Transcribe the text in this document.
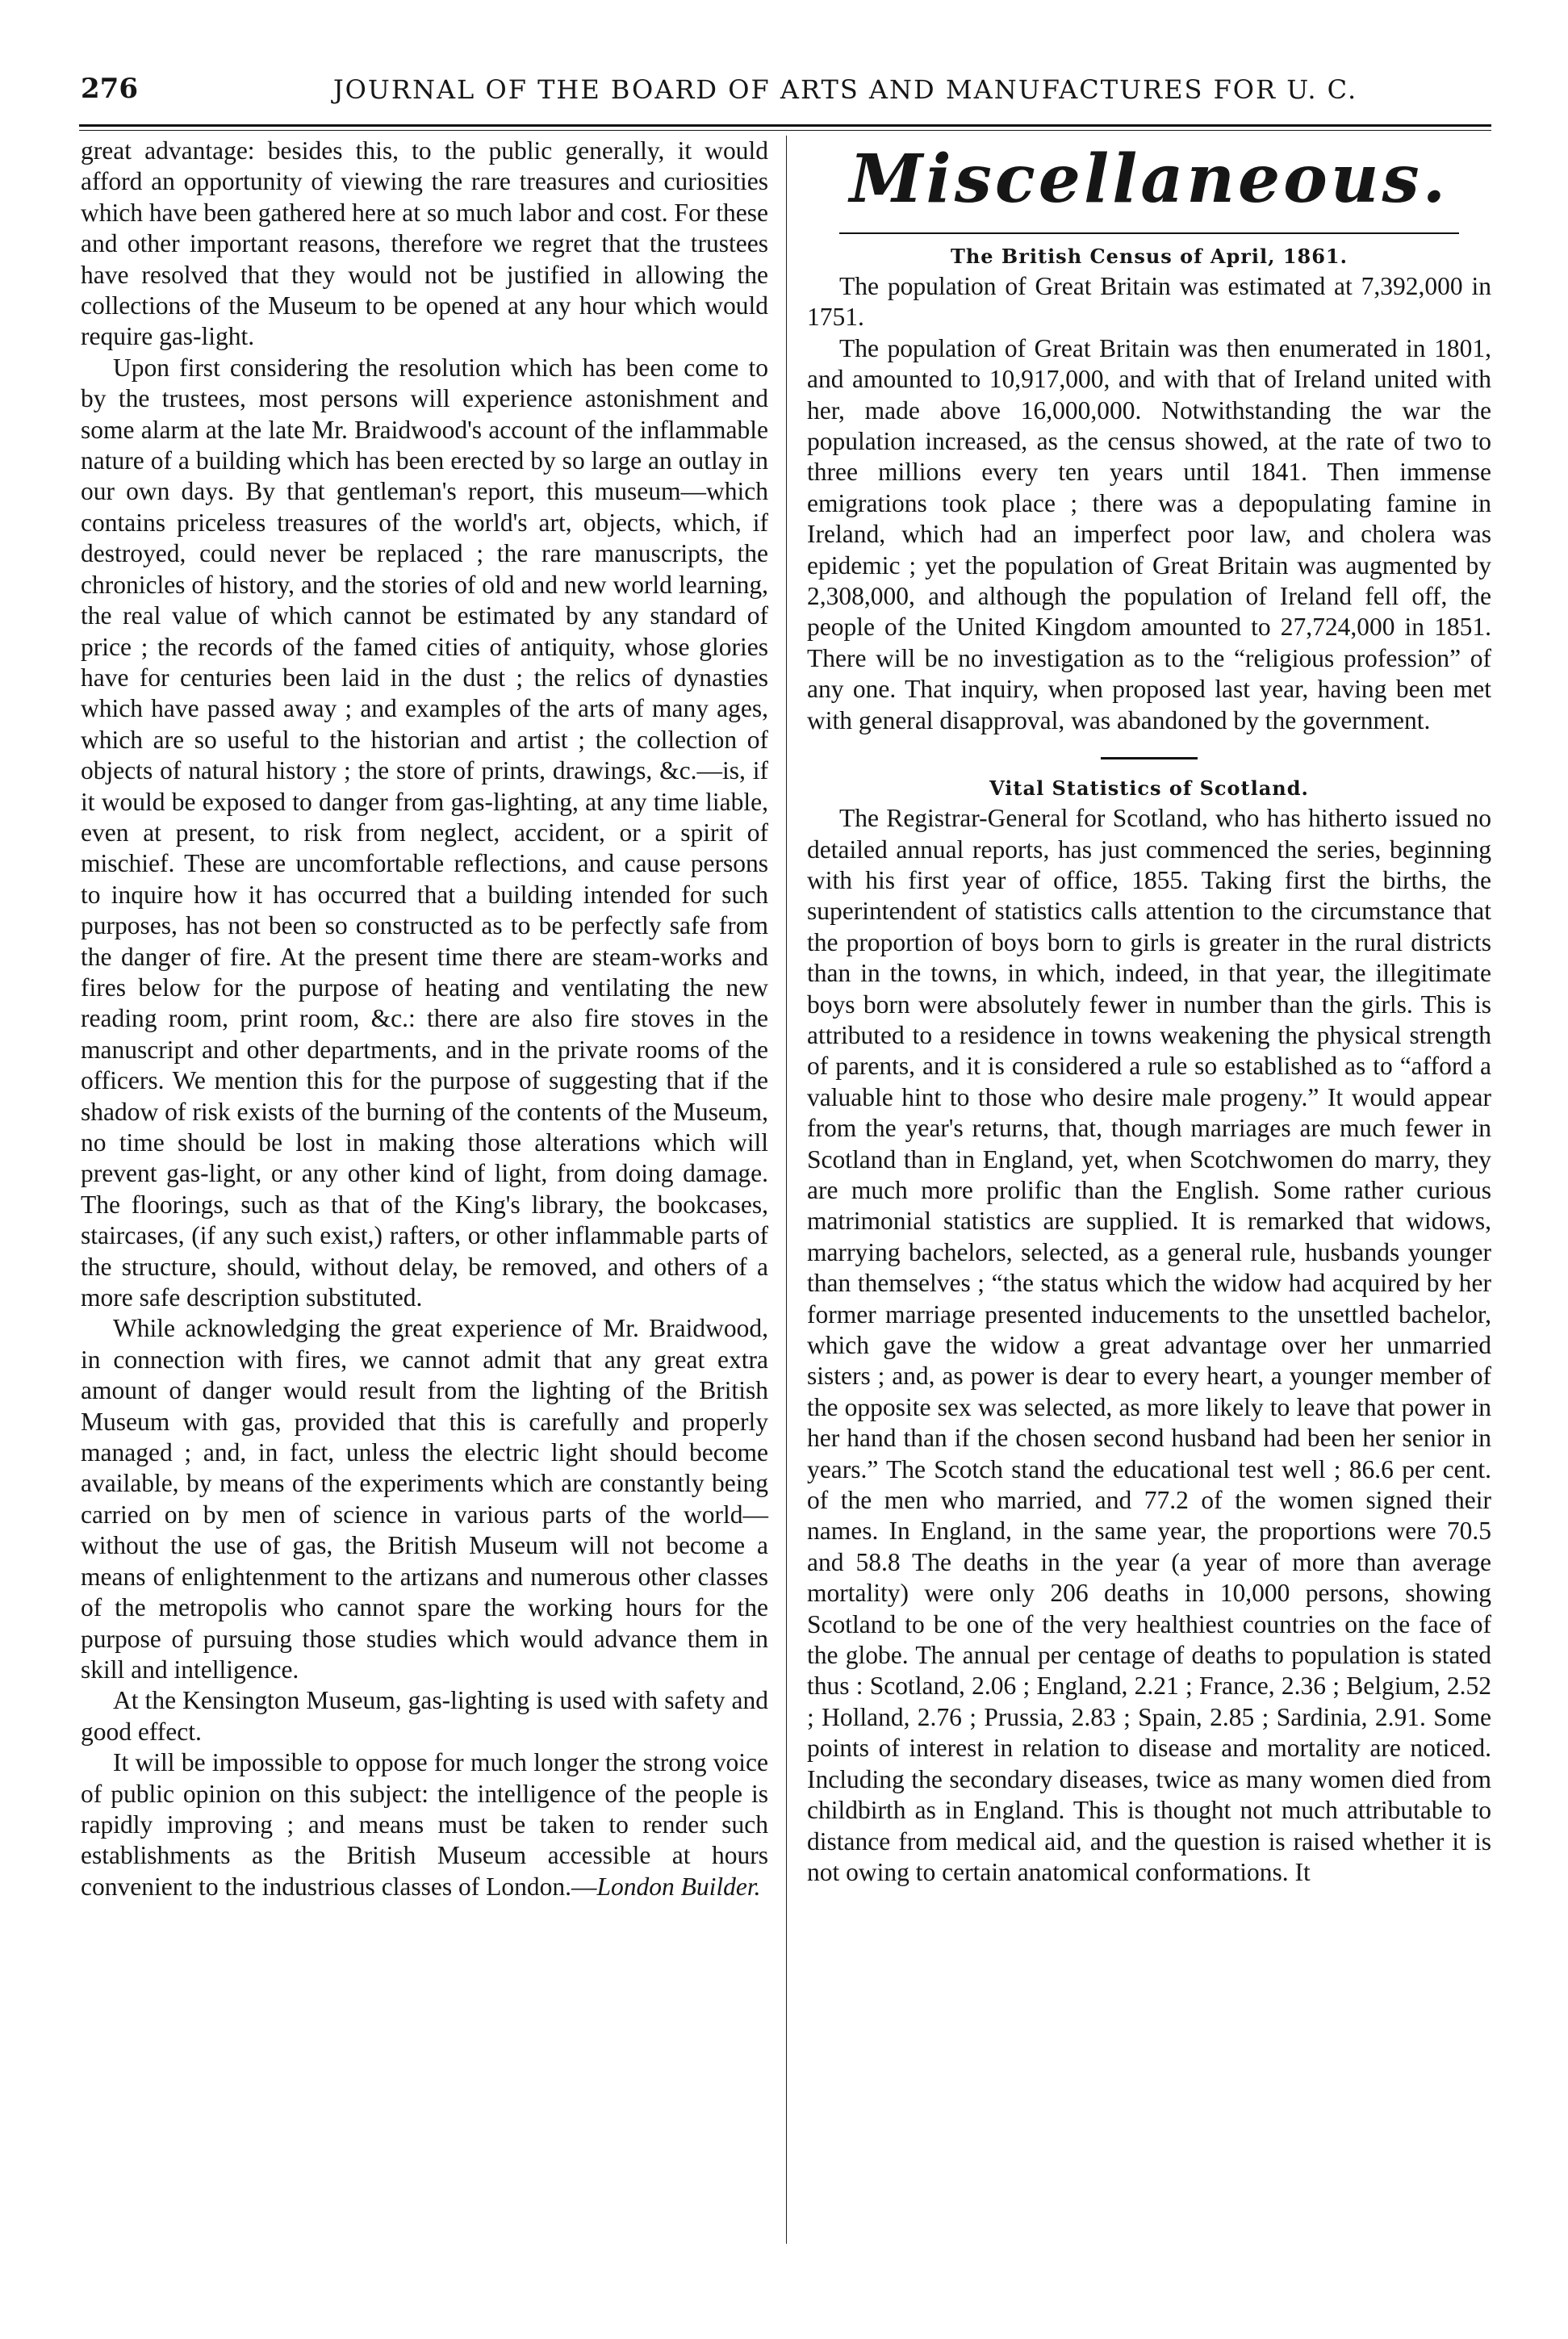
276	JOURNAL OF THE BOARD OF ARTS AND MANUFACTURES FOR U. C.

great advantage: besides this, to the public generally, it would afford an opportunity of viewing the rare treasures and curiosities which have been gathered here at so much labor and cost. For these and other important reasons, therefore we regret that the trustees have resolved that they would not be justified in allowing the collections of the Museum to be opened at any hour which would require gas-light.

Upon first considering the resolution which has been come to by the trustees, most persons will experience astonishment and some alarm at the late Mr. Braidwood's account of the inflammable nature of a building which has been erected by so large an outlay in our own days. By that gentleman's report, this museum—which contains priceless treasures of the world's art, objects, which, if destroyed, could never be replaced ; the rare manuscripts, the chronicles of history, and the stories of old and new world learning, the real value of which cannot be estimated by any standard of price ; the records of the famed cities of antiquity, whose glories have for centuries been laid in the dust ; the relics of dynasties which have passed away ; and examples of the arts of many ages, which are so useful to the historian and artist ; the collection of objects of natural history ; the store of prints, drawings, &c.—is, if it would be exposed to danger from gas-lighting, at any time liable, even at present, to risk from neglect, accident, or a spirit of mischief. These are uncomfortable reflections, and cause persons to inquire how it has occurred that a building intended for such purposes, has not been so constructed as to be perfectly safe from the danger of fire. At the present time there are steam-works and fires below for the purpose of heating and ventilating the new reading room, print room, &c.: there are also fire stoves in the manuscript and other departments, and in the private rooms of the officers. We mention this for the purpose of suggesting that if the shadow of risk exists of the burning of the contents of the Museum, no time should be lost in making those alterations which will prevent gas-light, or any other kind of light, from doing damage. The floorings, such as that of the King's library, the bookcases, staircases, (if any such exist,) rafters, or other inflammable parts of the structure, should, without delay, be removed, and others of a more safe description substituted.

While acknowledging the great experience of Mr. Braidwood, in connection with fires, we cannot admit that any great extra amount of danger would result from the lighting of the British Museum with gas, provided that this is carefully and properly managed ; and, in fact, unless the electric light should become available, by means of the experiments which are constantly being carried on by men of science in various parts of the world—without the use of gas, the British Museum will not become a means of enlightenment to the artizans and numerous other classes of the metropolis who cannot spare the working hours for the purpose of pursuing those studies which would advance them in skill and intelligence.

At the Kensington Museum, gas-lighting is used with safety and good effect.

It will be impossible to oppose for much longer the strong voice of public opinion on this subject: the intelligence of the people is rapidly improving ; and means must be taken to render such establishments as the British Museum accessible at hours convenient to the industrious classes of London.—London Builder.

Miscellaneous.
The British Census of April, 1861.

The population of Great Britain was estimated at 7,392,000 in 1751.

The population of Great Britain was then enumerated in 1801, and amounted to 10,917,000, and with that of Ireland united with her, made above 16,000,000. Notwithstanding the war the population increased, as the census showed, at the rate of two to three millions every ten years until 1841. Then immense emigrations took place ; there was a depopulating famine in Ireland, which had an imperfect poor law, and cholera was epidemic ; yet the population of Great Britain was augmented by 2,308,000, and although the population of Ireland fell off, the people of the United Kingdom amounted to 27,724,000 in 1851. There will be no investigation as to the “religious profession” of any one. That inquiry, when proposed last year, having been met with general disapproval, was abandoned by the government.

Vital Statistics of Scotland.

The Registrar-General for Scotland, who has hitherto issued no detailed annual reports, has just commenced the series, beginning with his first year of office, 1855. Taking first the births, the superintendent of statistics calls attention to the circumstance that the proportion of boys born to girls is greater in the rural districts than in the towns, in which, indeed, in that year, the illegitimate boys born were absolutely fewer in number than the girls. This is attributed to a residence in towns weakening the physical strength of parents, and it is considered a rule so established as to “afford a valuable hint to those who desire male progeny.” It would appear from the year's returns, that, though marriages are much fewer in Scotland than in England, yet, when Scotchwomen do marry, they are much more prolific than the English. Some rather curious matrimonial statistics are supplied. It is remarked that widows, marrying bachelors, selected, as a general rule, husbands younger than themselves ; “the status which the widow had acquired by her former marriage presented inducements to the unsettled bachelor, which gave the widow a great advantage over her unmarried sisters ; and, as power is dear to every heart, a younger member of the opposite sex was selected, as more likely to leave that power in her hand than if the chosen second husband had been her senior in years.” The Scotch stand the educational test well ; 86.6 per cent. of the men who married, and 77.2 of the women signed their names. In England, in the same year, the proportions were 70.5 and 58.8 The deaths in the year (a year of more than average mortality) were only 206 deaths in 10,000 persons, showing Scotland to be one of the very healthiest countries on the face of the globe. The annual per centage of deaths to population is stated thus : Scotland, 2.06 ; England, 2.21 ; France, 2.36 ; Belgium, 2.52 ; Holland, 2.76 ; Prussia, 2.83 ; Spain, 2.85 ; Sardinia, 2.91. Some points of interest in relation to disease and mortality are noticed. Including the secondary diseases, twice as many women died from childbirth as in England. This is thought not much attributable to distance from medical aid, and the question is raised whether it is not owing to certain anatomical conformations. It
